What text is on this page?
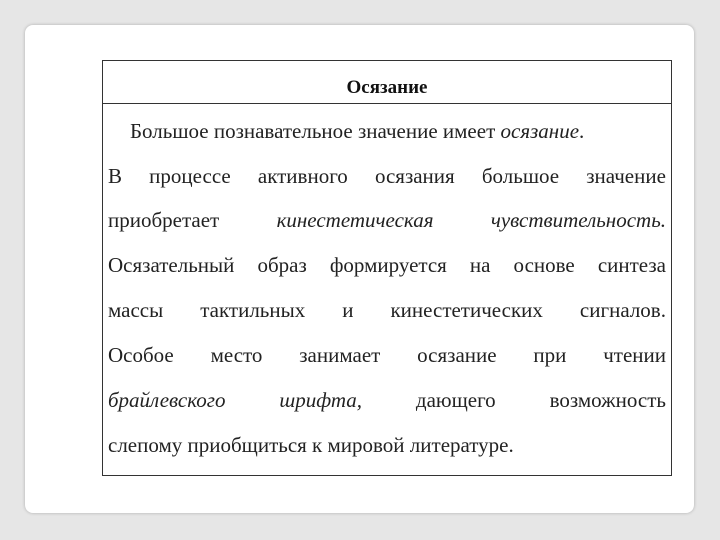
Осязание
Большое познавательное значение имеет осязание.
В процессе активного осязания большое значение
приобретает	кинестетическая	чувствительность.
Осязательный образ формируется на основе синтеза
массы тактильных и кинестетических сигналов.
Особое место занимает осязание при чтении
брайлевского	шрифта,	дающего	возможность
слепому приобщиться к мировой литературе.
